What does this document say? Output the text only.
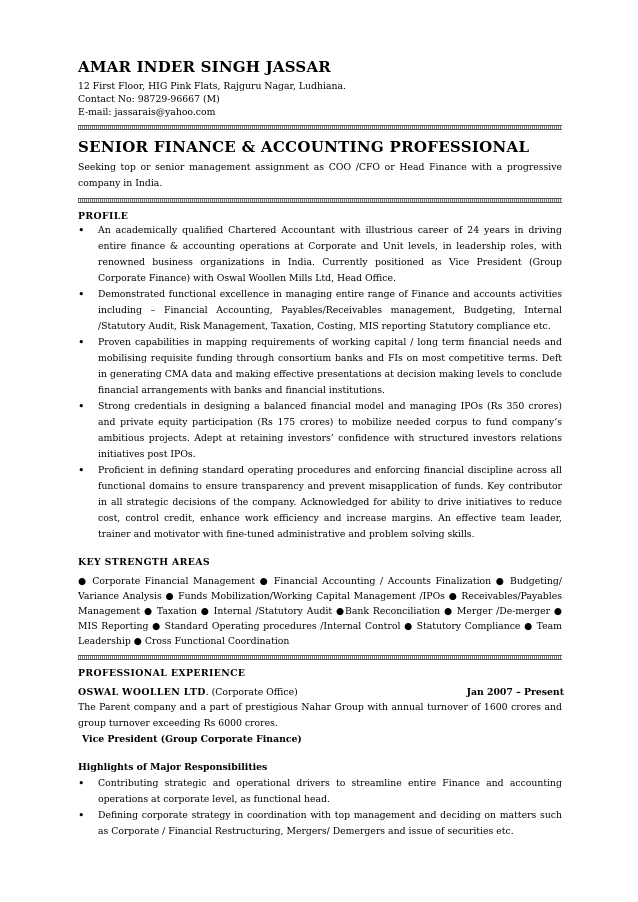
AMAR INDER SINGH JASSAR
12 First Floor, HIG Pink Flats, Rajguru Nagar, Ludhiana.
Contact No: 98729-96667 (M)
E-mail: jassarais@yahoo.com
SENIOR FINANCE & ACCOUNTING PROFESSIONAL
Seeking top or senior management assignment as COO /CFO or Head Finance with a progressive company in India.
PROFILE
• An academically qualified Chartered Accountant with illustrious career of 24 years in driving entire finance & accounting operations at Corporate and Unit levels, in leadership roles, with renowned business organizations in India. Currently positioned as Vice President (Group Corporate Finance) with Oswal Woollen Mills Ltd, Head Office.
• Demonstrated functional excellence in managing entire range of Finance and accounts activities including – Financial Accounting, Payables/Receivables management, Budgeting, Internal /Statutory Audit, Risk Management, Taxation, Costing, MIS reporting Statutory compliance etc.
• Proven capabilities in mapping requirements of working capital / long term financial needs and mobilising requisite funding through consortium banks and FIs on most competitive terms. Deft in generating CMA data and making effective presentations at decision making levels to conclude financial arrangements with banks and financial institutions.
• Strong credentials in designing a balanced financial model and managing IPOs (Rs 350 crores) and private equity participation (Rs 175 crores) to mobilize needed corpus to fund company’s ambitious projects. Adept at retaining investors’ confidence with structured investors relations initiatives post IPOs.
• Proficient in defining standard operating procedures and enforcing financial discipline across all functional domains to ensure transparency and prevent misapplication of funds. Key contributor in all strategic decisions of the company. Acknowledged for ability to drive initiatives to reduce cost, control credit, enhance work efficiency and increase margins. An effective team leader, trainer and motivator with fine-tuned administrative and problem solving skills.
KEY STRENGTH AREAS
● Corporate Financial Management ● Financial Accounting / Accounts Finalization ● Budgeting/ Variance Analysis ● Funds Mobilization/Working Capital Management /IPOs ● Receivables/Payables Management ● Taxation ● Internal /Statutory Audit ●Bank Reconciliation ● Merger /De-merger ● MIS Reporting ● Standard Operating procedures /Internal Control ● Statutory Compliance ● Team Leadership ● Cross Functional Coordination
PROFESSIONAL EXPERIENCE
OSWAL WOOLLEN LTD. (Corporate Office)	Jan 2007 – Present
The Parent company and a part of prestigious Nahar Group with annual turnover of 1600 crores and group turnover exceeding Rs 6000 crores.
Vice President (Group Corporate Finance)
Highlights of Major Responsibilities
• Contributing strategic and operational drivers to streamline entire Finance and accounting operations at corporate level, as functional head.
• Defining corporate strategy in coordination with top management and deciding on matters such as Corporate / Financial Restructuring, Mergers/ Demergers and issue of securities etc.
